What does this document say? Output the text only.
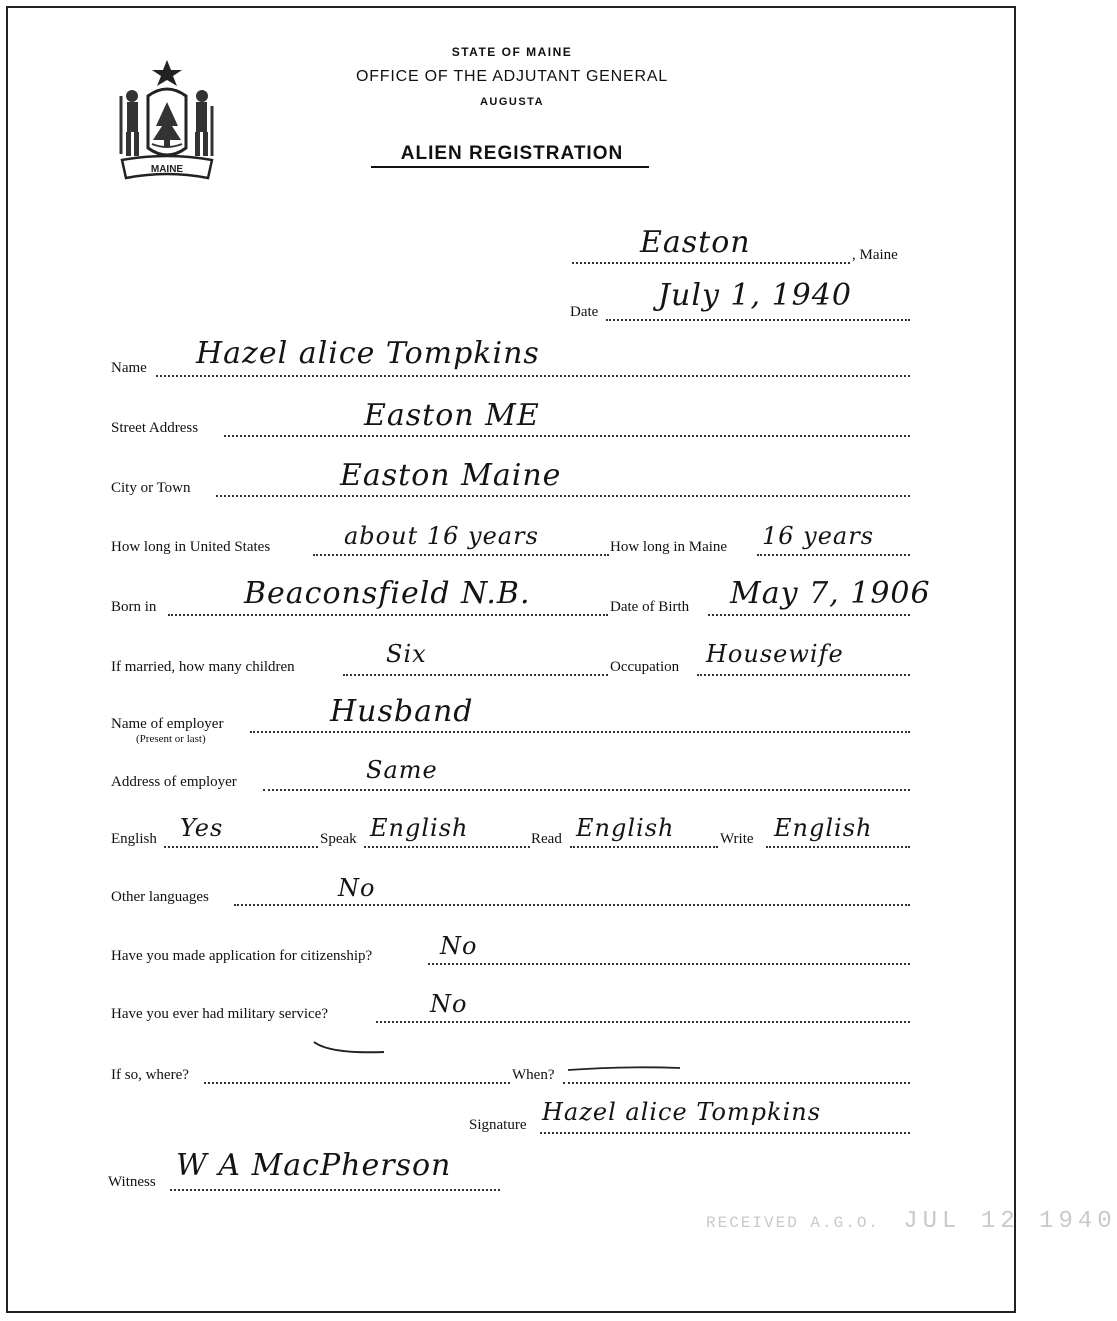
MAINE
STATE OF MAINE
OFFICE OF THE ADJUTANT GENERAL
AUGUSTA
ALIEN REGISTRATION
Easton	, Maine
Date July 1, 1940
Name Hazel alice Tompkins
Street Address	Easton ME
City or Town	Easton Maine
How long in United States	about 16 years	How long in Maine 16 years
Born in	Beaconsfield N.B.	Date of Birth May 7, 1906
If married, how many children	Six	Occupation Housewife
Name of employer
(Present or last)
Husband
Address of employer	Same
English Yes	Speak English	Read English	Write English
Other languages	No
Have you made application for citizenship?	No
Have you ever had military service?	No
If so, where?	When?
Signature Hazel alice Tompkins
Witness W A MacPherson
RECEIVED A.G.O. JUL 12 1940
